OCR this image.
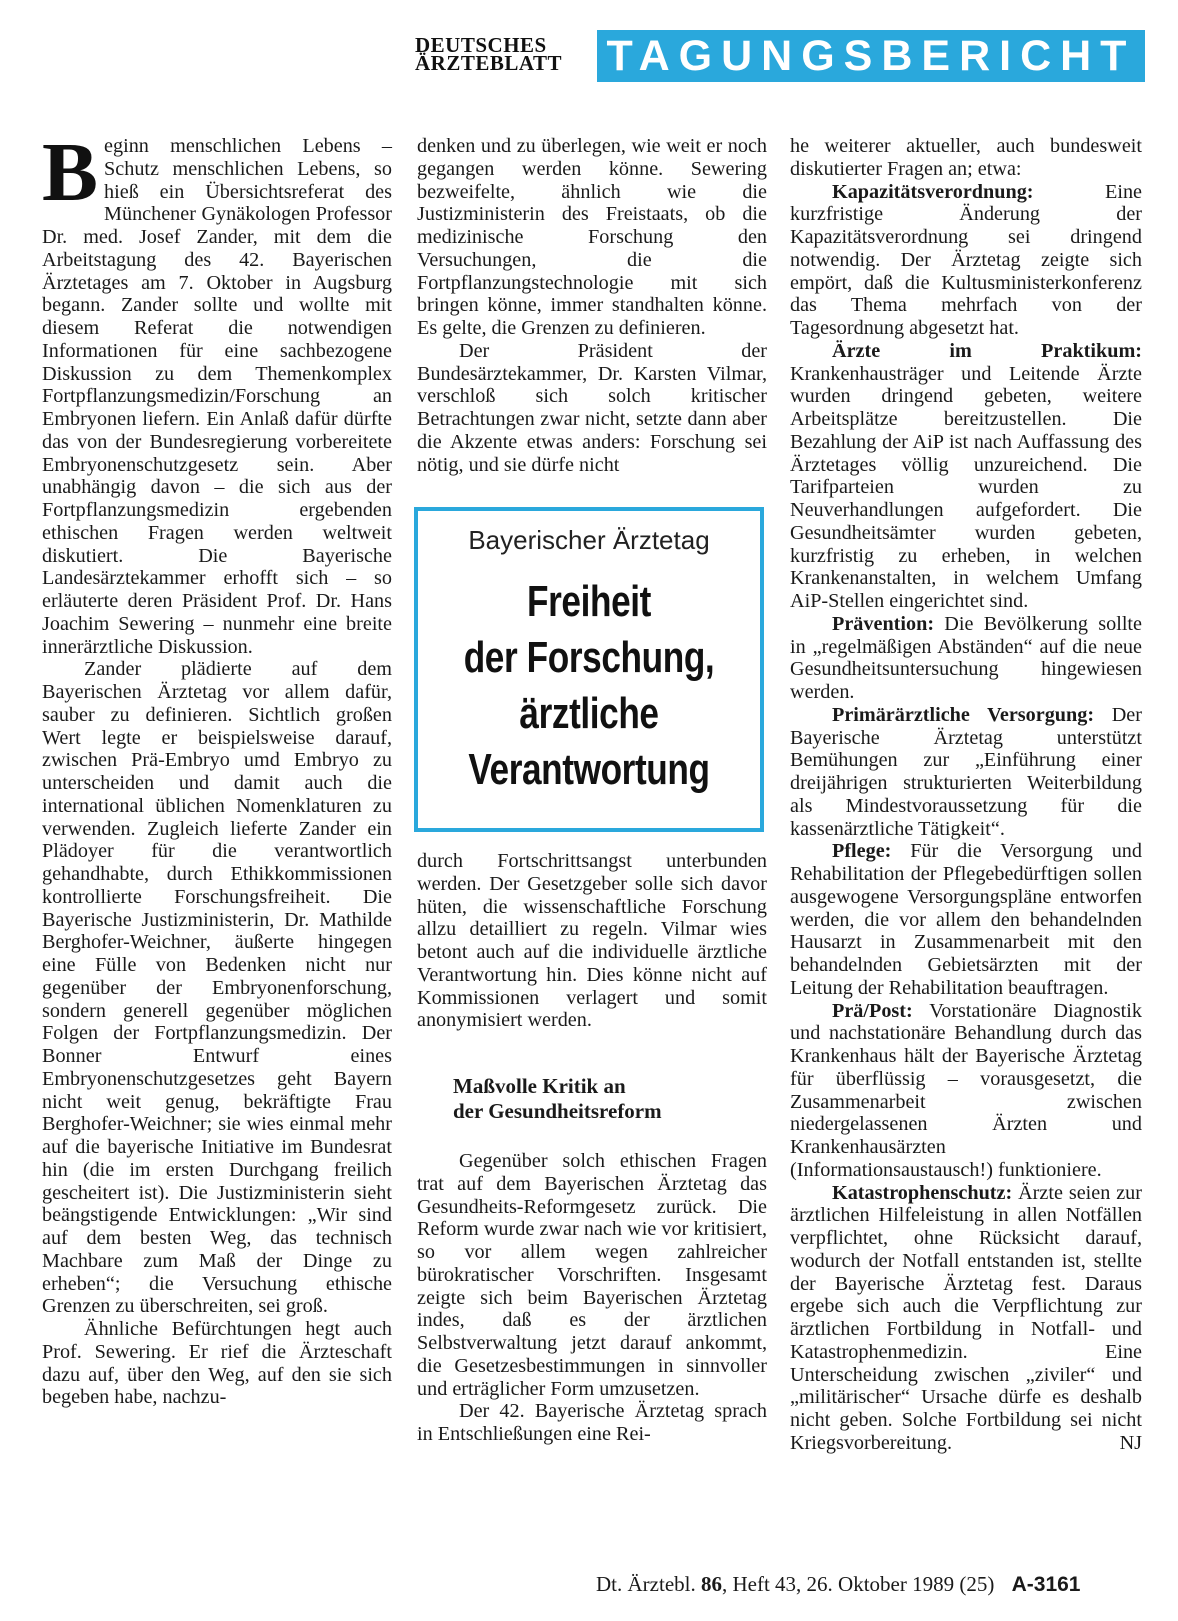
DEUTSCHES
ÄRZTEBLATT	TAGUNGSBERICHT

Beginn menschlichen Lebens – Schutz menschlichen Lebens, so hieß ein Übersichtsreferat des Münchener Gynäkologen Professor Dr. med. Josef Zander, mit dem die Arbeitstagung des 42. Bayerischen Ärztetages am 7. Oktober in Augsburg begann. Zander sollte und wollte mit diesem Referat die notwendigen Informationen für eine sachbezogene Diskussion zu dem Themenkomplex Fortpflanzungsmedizin/Forschung an Embryonen liefern. Ein Anlaß dafür dürfte das von der Bundesregierung vorbereitete Embryonenschutzgesetz sein. Aber unabhängig davon – die sich aus der Fortpflanzungsmedizin ergebenden ethischen Fragen werden weltweit diskutiert. Die Bayerische Landesärztekammer erhofft sich – so erläuterte deren Präsident Prof. Dr. Hans Joachim Sewering – nunmehr eine breite innerärztliche Diskussion.

Zander plädierte auf dem Bayerischen Ärztetag vor allem dafür, sauber zu definieren. Sichtlich großen Wert legte er beispielsweise darauf, zwischen Prä-Embryo umd Embryo zu unterscheiden und damit auch die international üblichen Nomenklaturen zu verwenden. Zugleich lieferte Zander ein Plädoyer für die verantwortlich gehandhabte, durch Ethikkommissionen kontrollierte Forschungsfreiheit. Die Bayerische Justizministerin, Dr. Mathilde Berghofer-Weichner, äußerte hingegen eine Fülle von Bedenken nicht nur gegenüber der Embryonenforschung, sondern generell gegenüber möglichen Folgen der Fortpflanzungsmedizin. Der Bonner Entwurf eines Embryonenschutzgesetzes geht Bayern nicht weit genug, bekräftigte Frau Berghofer-Weichner; sie wies einmal mehr auf die bayerische Initiative im Bundesrat hin (die im ersten Durchgang freilich gescheitert ist). Die Justizministerin sieht beängstigende Entwicklungen: „Wir sind auf dem besten Weg, das technisch Machbare zum Maß der Dinge zu erheben“; die Versuchung ethische Grenzen zu überschreiten, sei groß.

Ähnliche Befürchtungen hegt auch Prof. Sewering. Er rief die Ärzteschaft dazu auf, über den Weg, auf den sie sich begeben habe, nachzu-

denken und zu überlegen, wie weit er noch gegangen werden könne. Sewering bezweifelte, ähnlich wie die Justizministerin des Freistaats, ob die medizinische Forschung den Versuchungen, die die Fortpflanzungstechnologie mit sich bringen könne, immer standhalten könne. Es gelte, die Grenzen zu definieren.

Der Präsident der Bundesärztekammer, Dr. Karsten Vilmar, verschloß sich solch kritischer Betrachtungen zwar nicht, setzte dann aber die Akzente etwas anders: Forschung sei nötig, und sie dürfe nicht

Bayerischer Ärztetag
Freiheit
der Forschung,
ärztliche
Verantwortung

durch Fortschrittsangst unterbunden werden. Der Gesetzgeber solle sich davor hüten, die wissenschaftliche Forschung allzu detailliert zu regeln. Vilmar wies betont auch auf die individuelle ärztliche Verantwortung hin. Dies könne nicht auf Kommissionen verlagert und somit anonymisiert werden.

Maßvolle Kritik an
der Gesundheitsreform

Gegenüber solch ethischen Fragen trat auf dem Bayerischen Ärztetag das Gesundheits-Reformgesetz zurück. Die Reform wurde zwar nach wie vor kritisiert, so vor allem wegen zahlreicher bürokratischer Vorschriften. Insgesamt zeigte sich beim Bayerischen Ärztetag indes, daß es der ärztlichen Selbstverwaltung jetzt darauf ankommt, die Gesetzesbestimmungen in sinnvoller und erträglicher Form umzusetzen.

Der 42. Bayerische Ärztetag sprach in Entschließungen eine Rei-

he weiterer aktueller, auch bundesweit diskutierter Fragen an; etwa:

Kapazitätsverordnung: Eine kurzfristige Änderung der Kapazitätsverordnung sei dringend notwendig. Der Ärztetag zeigte sich empört, daß die Kultusministerkonferenz das Thema mehrfach von der Tagesordnung abgesetzt hat.

Ärzte im Praktikum: Krankenhausträger und Leitende Ärzte wurden dringend gebeten, weitere Arbeitsplätze bereitzustellen. Die Bezahlung der AiP ist nach Auffassung des Ärztetages völlig unzureichend. Die Tarifparteien wurden zu Neuverhandlungen aufgefordert. Die Gesundheitsämter wurden gebeten, kurzfristig zu erheben, in welchen Krankenanstalten, in welchem Umfang AiP-Stellen eingerichtet sind.

Prävention: Die Bevölkerung sollte in „regelmäßigen Abständen“ auf die neue Gesundheitsuntersuchung hingewiesen werden.

Primärärztliche Versorgung: Der Bayerische Ärztetag unterstützt Bemühungen zur „Einführung einer dreijährigen strukturierten Weiterbildung als Mindestvoraussetzung für die kassenärztliche Tätigkeit“.

Pflege: Für die Versorgung und Rehabilitation der Pflegebedürftigen sollen ausgewogene Versorgungspläne entworfen werden, die vor allem den behandelnden Hausarzt in Zusammenarbeit mit den behandelnden Gebietsärzten mit der Leitung der Rehabilitation beauftragen.

Prä/Post: Vorstationäre Diagnostik und nachstationäre Behandlung durch das Krankenhaus hält der Bayerische Ärztetag für überflüssig – vorausgesetzt, die Zusammenarbeit zwischen niedergelassenen Ärzten und Krankenhausärzten (Informationsaustausch!) funktioniere.

Katastrophenschutz: Ärzte seien zur ärztlichen Hilfeleistung in allen Notfällen verpflichtet, ohne Rücksicht darauf, wodurch der Notfall entstanden ist, stellte der Bayerische Ärztetag fest. Daraus ergebe sich auch die Verpflichtung zur ärztlichen Fortbildung in Notfall- und Katastrophenmedizin. Eine Unterscheidung zwischen „ziviler“ und „militärischer“ Ursache dürfe es deshalb nicht geben. Solche Fortbildung sei nicht Kriegsvorbereitung.	NJ

Dt. Ärztebl. 86, Heft 43, 26. Oktober 1989 (25) A-3161
